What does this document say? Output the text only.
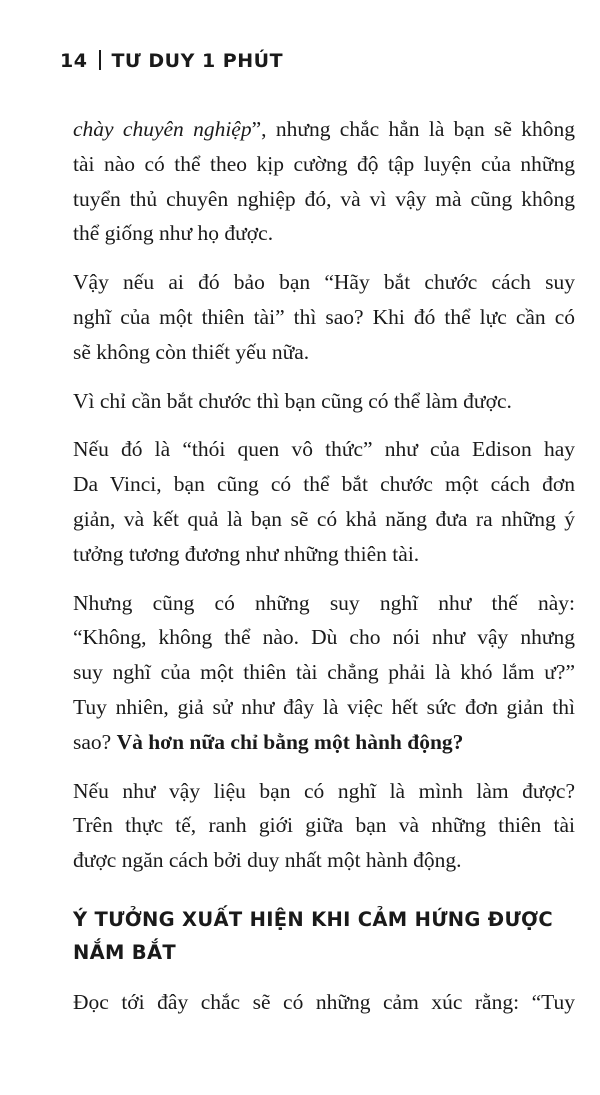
14 TƯ DUY 1 PHÚT

chày chuyên nghiệp”, nhưng chắc hẳn là bạn sẽ không
tài nào có thể theo kịp cường độ tập luyện của những
tuyển thủ chuyên nghiệp đó, và vì vậy mà cũng không
thể giống như họ được.

Vậy nếu ai đó bảo bạn “Hãy bắt chước cách suy
nghĩ của một thiên tài” thì sao? Khi đó thể lực cần có
sẽ không còn thiết yếu nữa.

Vì chỉ cần bắt chước thì bạn cũng có thể làm được.

Nếu đó là “thói quen vô thức” như của Edison hay
Da Vinci, bạn cũng có thể bắt chước một cách đơn
giản, và kết quả là bạn sẽ có khả năng đưa ra những ý
tưởng tương đương như những thiên tài.

Nhưng cũng có những suy nghĩ như thế này:
“Không, không thể nào. Dù cho nói như vậy nhưng
suy nghĩ của một thiên tài chẳng phải là khó lắm ư?”
Tuy nhiên, giả sử như đây là việc hết sức đơn giản thì
sao? Và hơn nữa chỉ bằng một hành động?

Nếu như vậy liệu bạn có nghĩ là mình làm được?
Trên thực tế, ranh giới giữa bạn và những thiên tài
được ngăn cách bởi duy nhất một hành động.

Ý TƯỞNG XUẤT HIỆN KHI CẢM HỨNG ĐƯỢC
NẮM BẮT
Đọc tới đây chắc sẽ có những cảm xúc rằng: “Tuy
